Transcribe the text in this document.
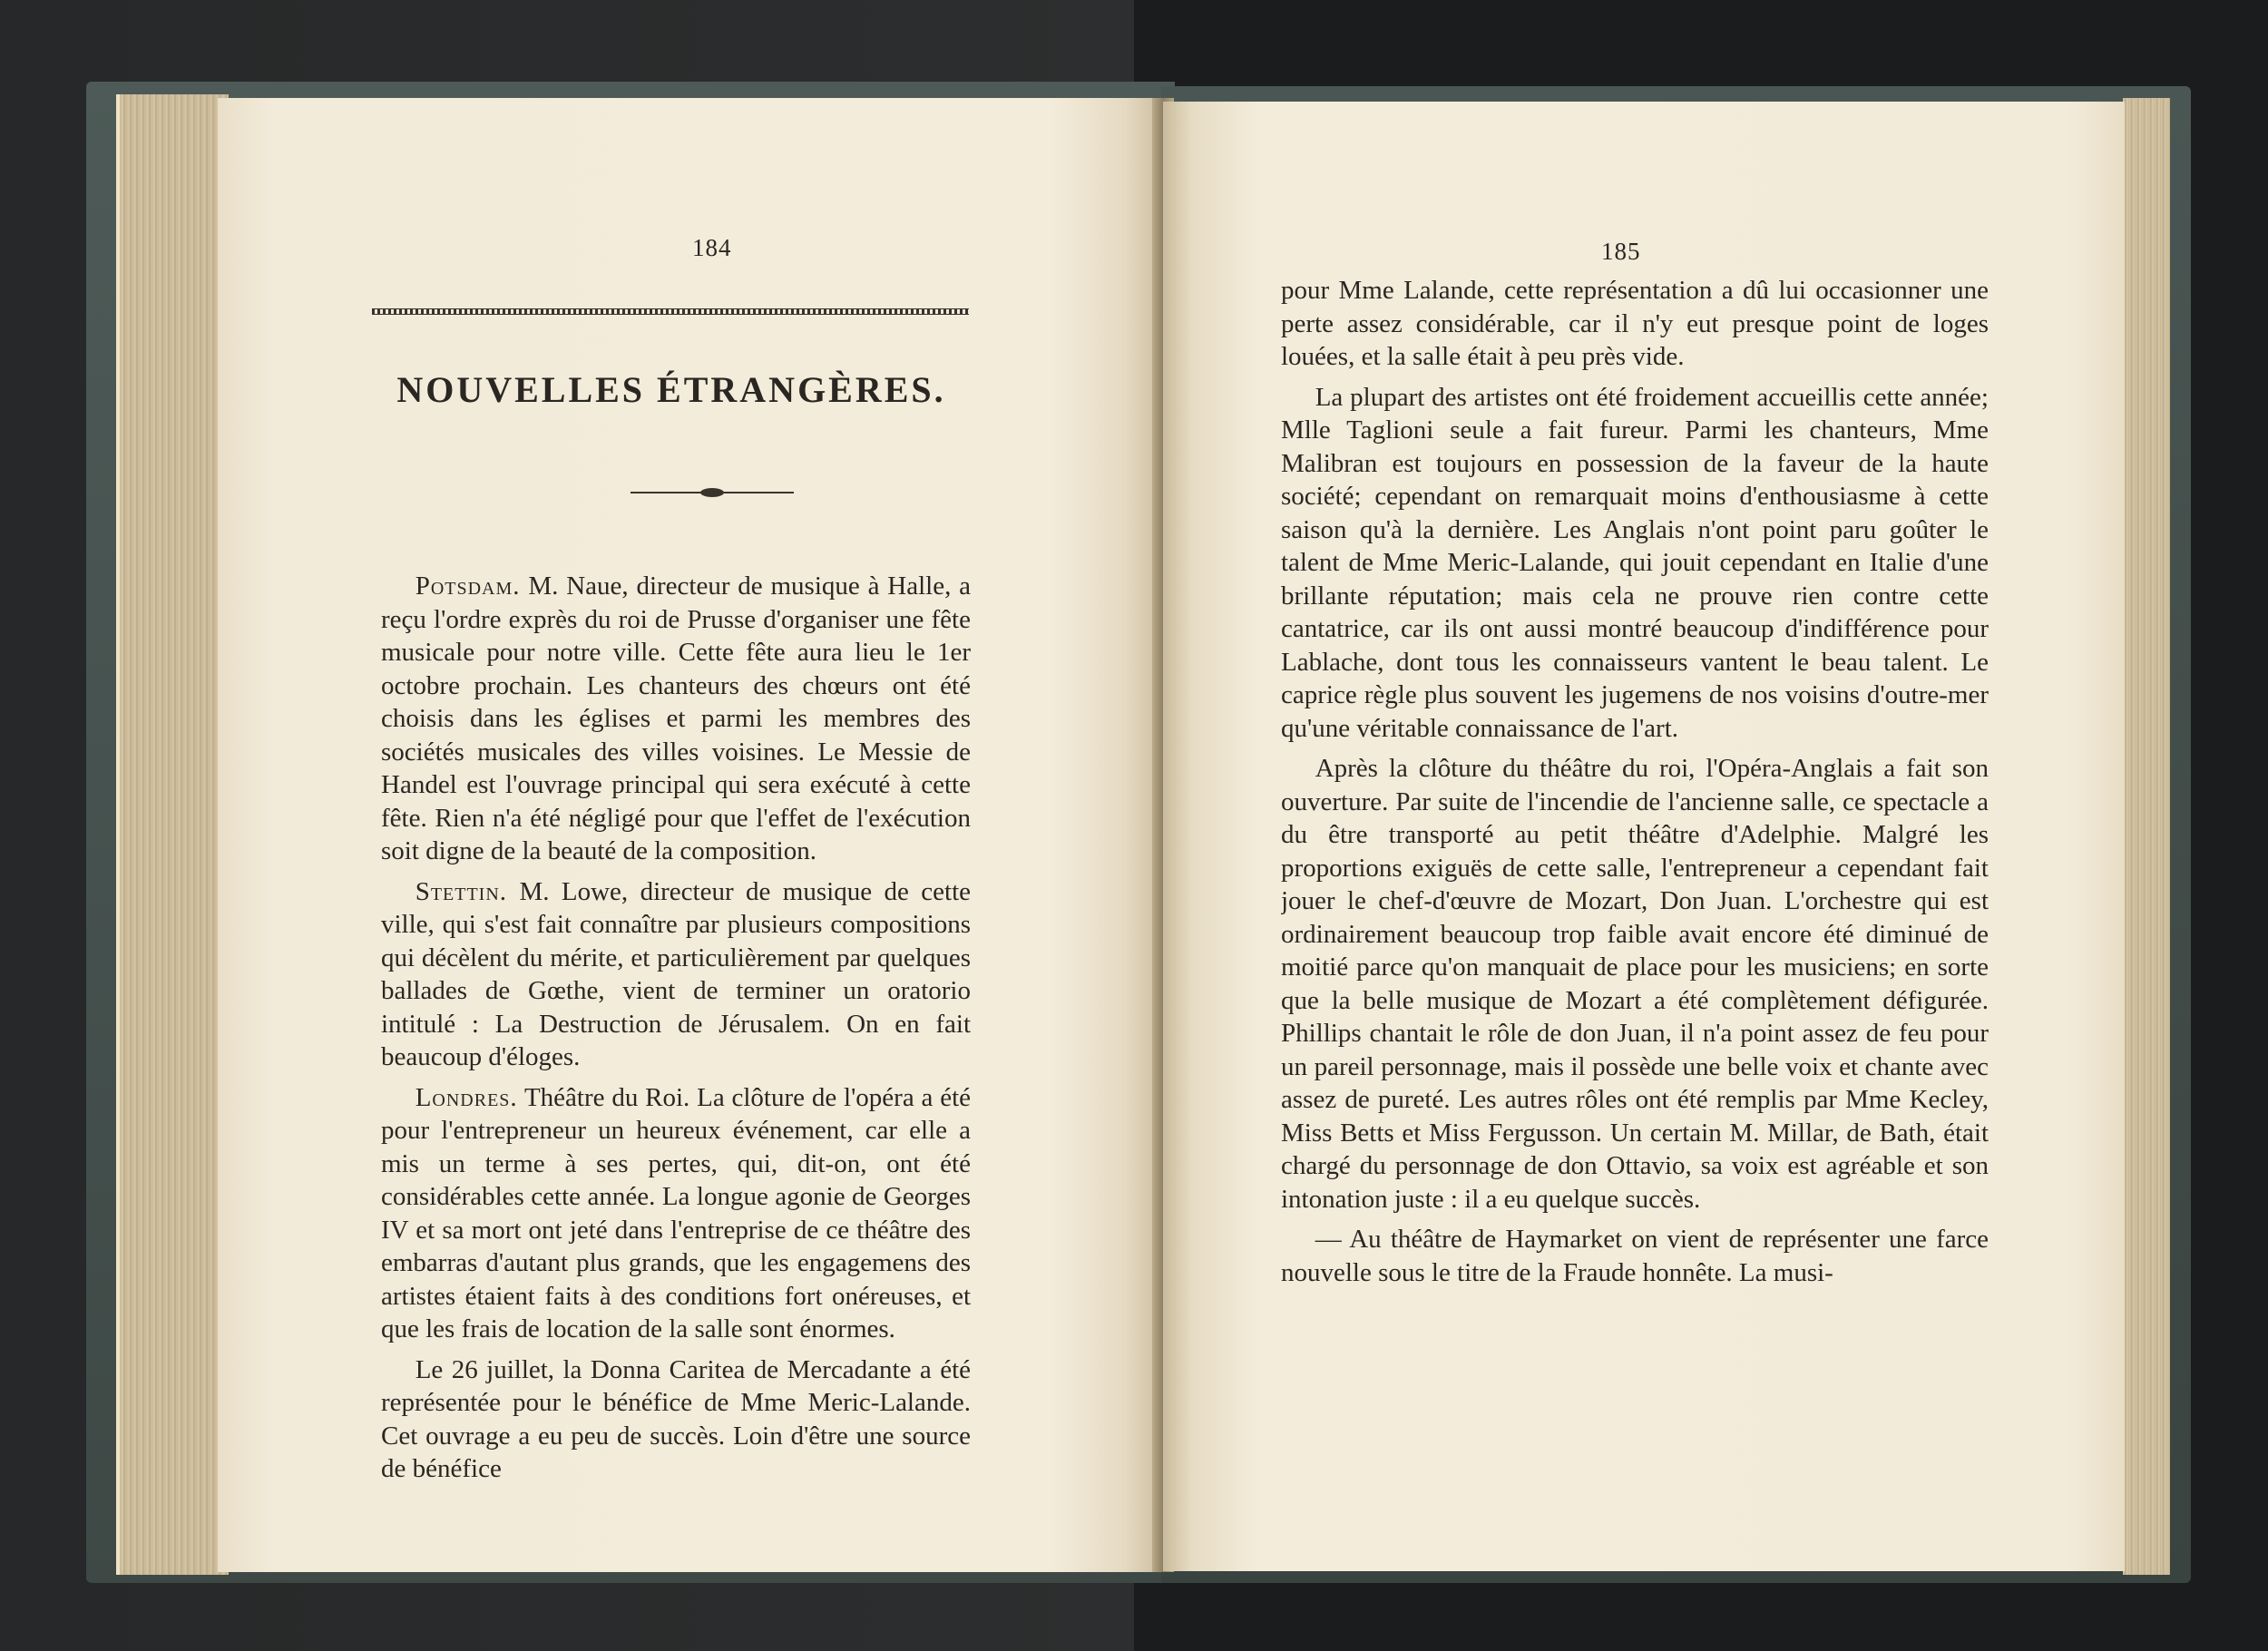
184
NOUVELLES ÉTRANGÈRES.

Potsdam. M. Naue, directeur de musique à Halle, a reçu l'ordre exprès du roi de Prusse d'organiser une fête musicale pour notre ville. Cette fête aura lieu le 1er octobre prochain. Les chanteurs des chœurs ont été choisis dans les églises et parmi les membres des sociétés musicales des villes voisines. Le Messie de Handel est l'ouvrage principal qui sera exécuté à cette fête. Rien n'a été négligé pour que l'effet de l'exécution soit digne de la beauté de la composition.

Stettin. M. Lowe, directeur de musique de cette ville, qui s'est fait connaître par plusieurs compositions qui décèlent du mérite, et particulièrement par quelques ballades de Gœthe, vient de terminer un oratorio intitulé : La Destruction de Jérusalem. On en fait beaucoup d'éloges.

Londres. Théâtre du Roi. La clôture de l'opéra a été pour l'entrepreneur un heureux événement, car elle a mis un terme à ses pertes, qui, dit-on, ont été considérables cette année. La longue agonie de Georges IV et sa mort ont jeté dans l'entreprise de ce théâtre des embarras d'autant plus grands, que les engagemens des artistes étaient faits à des conditions fort onéreuses, et que les frais de location de la salle sont énormes.

Le 26 juillet, la Donna Caritea de Mercadante a été représentée pour le bénéfice de Mme Meric-Lalande. Cet ouvrage a eu peu de succès. Loin d'être une source de bénéfice

185

pour Mme Lalande, cette représentation a dû lui occasionner une perte assez considérable, car il n'y eut presque point de loges louées, et la salle était à peu près vide.

La plupart des artistes ont été froidement accueillis cette année; Mlle Taglioni seule a fait fureur. Parmi les chanteurs, Mme Malibran est toujours en possession de la faveur de la haute société; cependant on remarquait moins d'enthousiasme à cette saison qu'à la dernière. Les Anglais n'ont point paru goûter le talent de Mme Meric-Lalande, qui jouit cependant en Italie d'une brillante réputation; mais cela ne prouve rien contre cette cantatrice, car ils ont aussi montré beaucoup d'indifférence pour Lablache, dont tous les connaisseurs vantent le beau talent. Le caprice règle plus souvent les jugemens de nos voisins d'outre-mer qu'une véritable connaissance de l'art.

Après la clôture du théâtre du roi, l'Opéra-Anglais a fait son ouverture. Par suite de l'incendie de l'ancienne salle, ce spectacle a du être transporté au petit théâtre d'Adelphie. Malgré les proportions exiguës de cette salle, l'entrepreneur a cependant fait jouer le chef-d'œuvre de Mozart, Don Juan. L'orchestre qui est ordinairement beaucoup trop faible avait encore été diminué de moitié parce qu'on manquait de place pour les musiciens; en sorte que la belle musique de Mozart a été complètement défigurée. Phillips chantait le rôle de don Juan, il n'a point assez de feu pour un pareil personnage, mais il possède une belle voix et chante avec assez de pureté. Les autres rôles ont été remplis par Mme Kecley, Miss Betts et Miss Fergusson. Un certain M. Millar, de Bath, était chargé du personnage de don Ottavio, sa voix est agréable et son intonation juste : il a eu quelque succès.

— Au théâtre de Haymarket on vient de représenter une farce nouvelle sous le titre de la Fraude honnête. La musi-
